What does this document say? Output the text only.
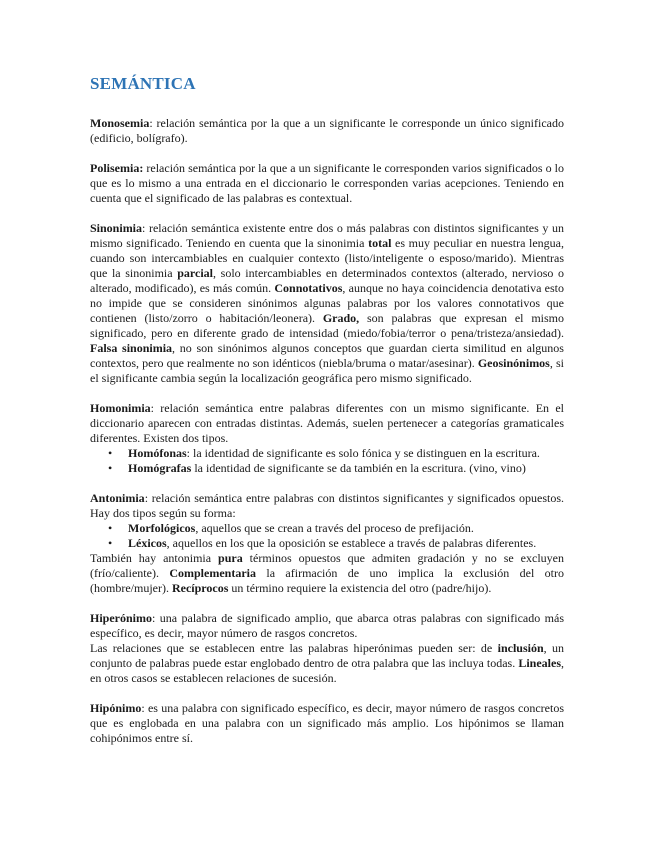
SEMÁNTICA

Monosemia: relación semántica por la que a un significante le corresponde un único significado (edificio, bolígrafo).

Polisemia: relación semántica por la que a un significante le corresponden varios significados o lo que es lo mismo a una entrada en el diccionario le corresponden varias acepciones. Teniendo en cuenta que el significado de las palabras es contextual.

Sinonimia: relación semántica existente entre dos o más palabras con distintos significantes y un mismo significado. Teniendo en cuenta que la sinonimia total es muy peculiar en nuestra lengua, cuando son intercambiables en cualquier contexto (listo/inteligente o esposo/marido). Mientras que la sinonimia parcial, solo intercambiables en determinados contextos (alterado, nervioso o alterado, modificado), es más común. Connotativos, aunque no haya coincidencia denotativa esto no impide que se consideren sinónimos algunas palabras por los valores connotativos que contienen (listo/zorro o habitación/leonera). Grado, son palabras que expresan el mismo significado, pero en diferente grado de intensidad (miedo/fobia/terror o pena/tristeza/ansiedad). Falsa sinonimia, no son sinónimos algunos conceptos que guardan cierta similitud en algunos contextos, pero que realmente no son idénticos (niebla/bruma o matar/asesinar). Geosinónimos, si el significante cambia según la localización geográfica pero mismo significado.

Homonimia: relación semántica entre palabras diferentes con un mismo significante. En el diccionario aparecen con entradas distintas. Además, suelen pertenecer a categorías gramaticales diferentes. Existen dos tipos.

• Homófonas: la identidad de significante es solo fónica y se distinguen en la escritura.
• Homógrafas la identidad de significante se da también en la escritura. (vino, vino)

Antonimia: relación semántica entre palabras con distintos significantes y significados opuestos. Hay dos tipos según su forma:

• Morfológicos, aquellos que se crean a través del proceso de prefijación.
• Léxicos, aquellos en los que la oposición se establece a través de palabras diferentes.

También hay antonimia pura términos opuestos que admiten gradación y no se excluyen (frío/caliente). Complementaria la afirmación de uno implica la exclusión del otro (hombre/mujer). Recíprocos un término requiere la existencia del otro (padre/hijo).

Hiperónimo: una palabra de significado amplio, que abarca otras palabras con significado más específico, es decir, mayor número de rasgos concretos.

Las relaciones que se establecen entre las palabras hiperónimas pueden ser: de inclusión, un conjunto de palabras puede estar englobado dentro de otra palabra que las incluya todas. Lineales, en otros casos se establecen relaciones de sucesión.

Hipónimo: es una palabra con significado específico, es decir, mayor número de rasgos concretos que es englobada en una palabra con un significado más amplio. Los hipónimos se llaman cohipónimos entre sí.
